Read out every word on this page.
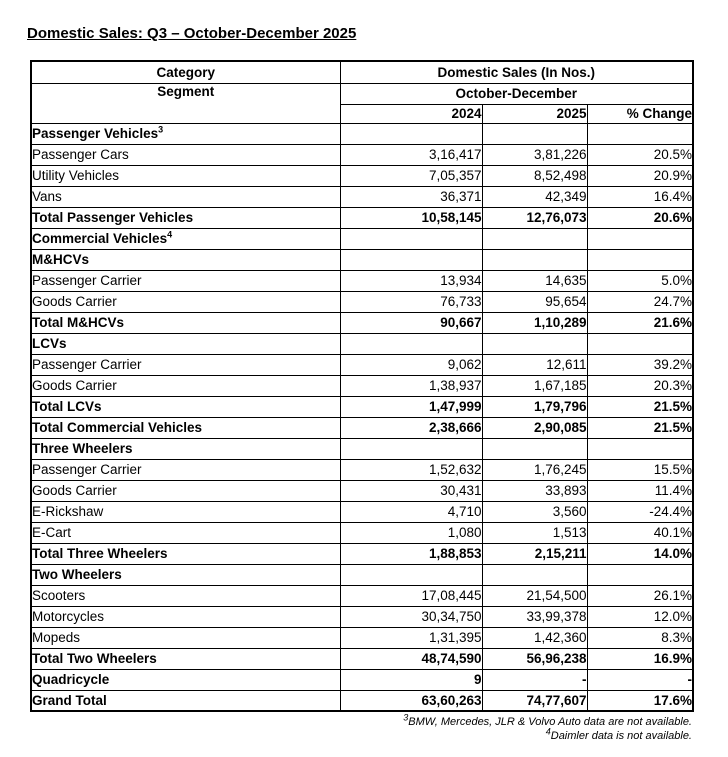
Domestic Sales: Q3 – October-December 2025
Category	Domestic Sales (In Nos.)		
Segment	October-December		
	2024	2025	% Change
Passenger Vehicles$^3$			
Passenger Cars	3,16,417	3,81,226	20.5%
Utility Vehicles	7,05,357	8,52,498	20.9%
Vans	36,371	42,349	16.4%
Total Passenger Vehicles	10,58,145	12,76,073	20.6%
Commercial Vehicles$^4$			
M&HCVs			
Passenger Carrier	13,934	14,635	5.0%
Goods Carrier	76,733	95,654	24.7%
Total M&HCVs	90,667	1,10,289	21.6%
LCVs			
Passenger Carrier	9,062	12,611	39.2%
Goods Carrier	1,38,937	1,67,185	20.3%
Total LCVs	1,47,999	1,79,796	21.5%
Total Commercial Vehicles	2,38,666	2,90,085	21.5%
Three Wheelers			
Passenger Carrier	1,52,632	1,76,245	15.5%
Goods Carrier	30,431	33,893	11.4%
E-Rickshaw	4,710	3,560	-24.4%
E-Cart	1,080	1,513	40.1%
Total Three Wheelers	1,88,853	2,15,211	14.0%
Two Wheelers			
Scooters	17,08,445	21,54,500	26.1%
Motorcycles	30,34,750	33,99,378	12.0%
Mopeds	1,31,395	1,42,360	8.3%
Total Two Wheelers	48,74,590	56,96,238	16.9%
Quadricycle	9	-	-
Grand Total	63,60,263	74,77,607	17.6%
$^3$BMW, Mercedes, JLR & Volvo Auto data are not available.
$^4$Daimler data is not available.
